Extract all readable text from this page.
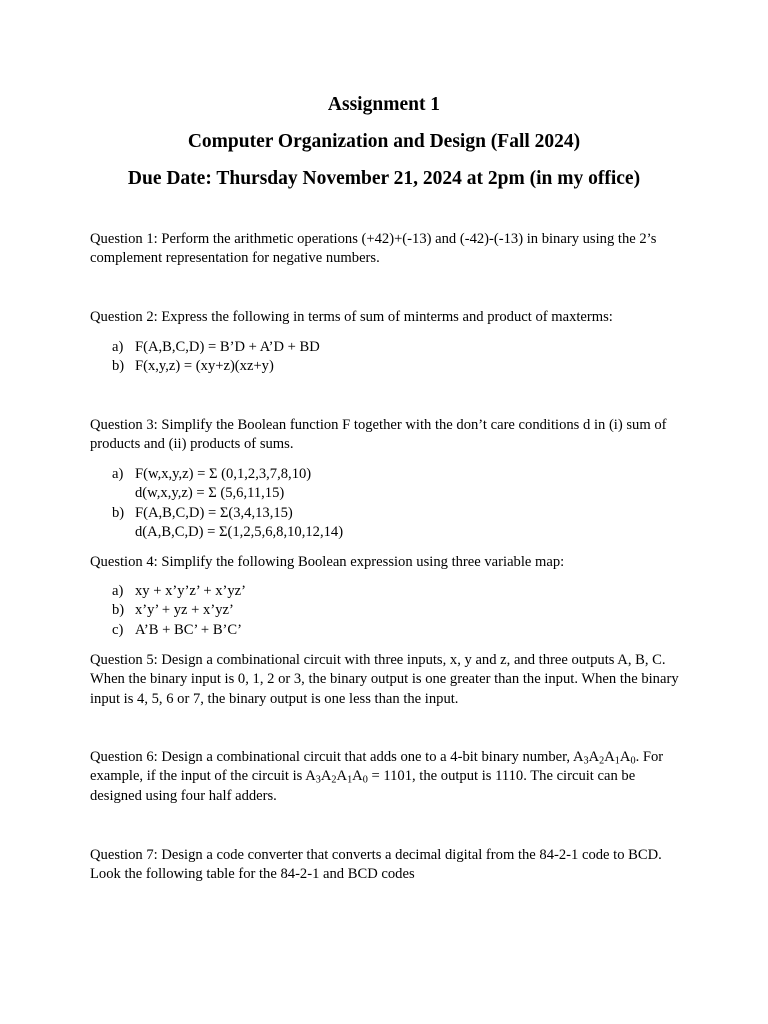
Assignment 1
Computer Organization and Design (Fall 2024)
Due Date: Thursday November 21, 2024 at 2pm (in my office)

Question 1: Perform the arithmetic operations (+42)+(-13) and (-42)-(-13) in binary using the 2’s complement representation for negative numbers.

Question 2: Express the following in terms of sum of minterms and product of maxterms:

a) F(A,B,C,D) = B’D + A’D + BD
b) F(x,y,z) = (xy+z)(xz+y)

Question 3: Simplify the Boolean function F together with the don’t care conditions d in (i) sum of products and (ii) products of sums.

a) F(w,x,y,z) = Σ (0,1,2,3,7,8,10)
d(w,x,y,z) = Σ (5,6,11,15)
b) F(A,B,C,D) = Σ(3,4,13,15)
d(A,B,C,D) = Σ(1,2,5,6,8,10,12,14)

Question 4: Simplify the following Boolean expression using three variable map:

a) xy + x’y’z’ + x’yz’
b) x’y’ + yz + x’yz’
c) A’B + BC’ + B’C’

Question 5: Design a combinational circuit with three inputs, x, y and z, and three outputs A, B, C. When the binary input is 0, 1, 2 or 3, the binary output is one greater than the input. When the binary input is 4, 5, 6 or 7, the binary output is one less than the input.

Question 6: Design a combinational circuit that adds one to a 4-bit binary number, $A_3A_2A_1A_0$. For example, if the input of the circuit is $A_3A_2A_1A_0 = 1101$, the output is 1110. The circuit can be designed using four half adders.

Question 7: Design a code converter that converts a decimal digital from the 84-2-1 code to BCD. Look the following table for the 84-2-1 and BCD codes
